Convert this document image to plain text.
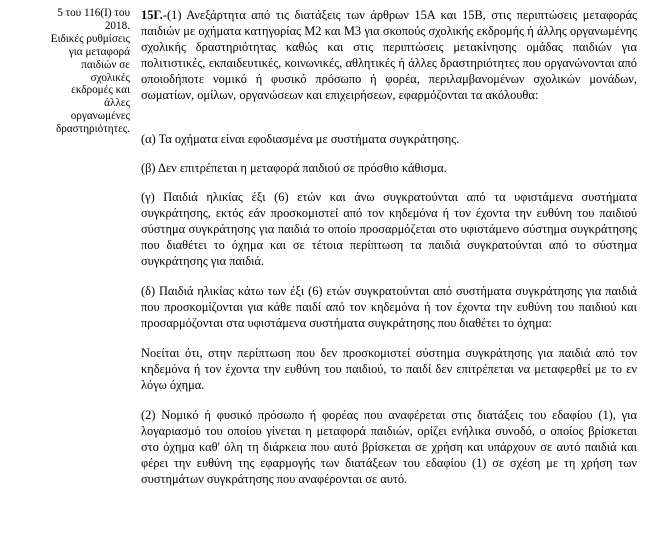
5 του 116(Ι) του
2018.
Ειδικές ρυθμίσεις
για μεταφορά
παιδιών σε
σχολικές
εκδρομές και
άλλες
οργανωμένες
δραστηριότητες.

15Γ.-(1) Ανεξάρτητα από τις διατάξεις των άρθρων 15Α και 15Β, στις περιπτώσεις μεταφοράς παιδιών με οχήματα κατηγορίας Μ2 και Μ3 για σκοπούς σχολικής εκδρομής ή άλλης οργανωμένης σχολικής δραστηριότητας καθώς και στις περιπτώσεις μετακίνησης ομάδας παιδιών για πολιτιστικές, εκπαιδευτικές, κοινωνικές, αθλητικές ή άλλες δραστηριότητες που οργανώνονται από οποιοδήποτε νομικό ή φυσικό πρόσωπο ή φορέα, περιλαμβανομένων σχολικών μονάδων, σωματίων, ομίλων, οργανώσεων και επιχειρήσεων, εφαρμόζονται τα ακόλουθα:

(α) Τα οχήματα είναι εφοδιασμένα με συστήματα συγκράτησης.

(β) Δεν επιτρέπεται η μεταφορά παιδιού σε πρόσθιο κάθισμα.

(γ) Παιδιά ηλικίας έξι (6) ετών και άνω συγκρατούνται από τα υφιστάμενα συστήματα συγκράτησης, εκτός εάν προσκομιστεί από τον κηδεμόνα ή τον έχοντα την ευθύνη του παιδιού σύστημα συγκράτησης για παιδιά το οποίο προσαρμόζεται στο υφιστάμενο σύστημα συγκράτησης που διαθέτει το όχημα και σε τέτοια περίπτωση τα παιδιά συγκρατούνται από το σύστημα συγκράτησης για παιδιά.

(δ) Παιδιά ηλικίας κάτω των έξι (6) ετών συγκρατούνται από συστήματα συγκράτησης για παιδιά που προσκομίζονται για κάθε παιδί από τον κηδεμόνα ή τον έχοντα την ευθύνη του παιδιού και προσαρμόζονται στα υφιστάμενα συστήματα συγκράτησης που διαθέτει το όχημα:

Νοείται ότι, στην περίπτωση που δεν προσκομιστεί σύστημα συγκράτησης για παιδιά από τον κηδεμόνα ή τον έχοντα την ευθύνη του παιδιού, το παιδί δεν επιτρέπεται να μεταφερθεί με το εν λόγω όχημα.

(2) Νομικό ή φυσικό πρόσωπο ή φορέας που αναφέρεται στις διατάξεις του εδαφίου (1), για λογαριασμό του οποίου γίνεται η μεταφορά παιδιών, ορίζει ενήλικα συνοδό, ο οποίος βρίσκεται στο όχημα καθ' όλη τη διάρκεια που αυτό βρίσκεται σε χρήση και υπάρχουν σε αυτό παιδιά και φέρει την ευθύνη της εφαρμογής των διατάξεων του εδαφίου (1) σε σχέση με τη χρήση των συστημάτων συγκράτησης που αναφέρονται σε αυτό.
